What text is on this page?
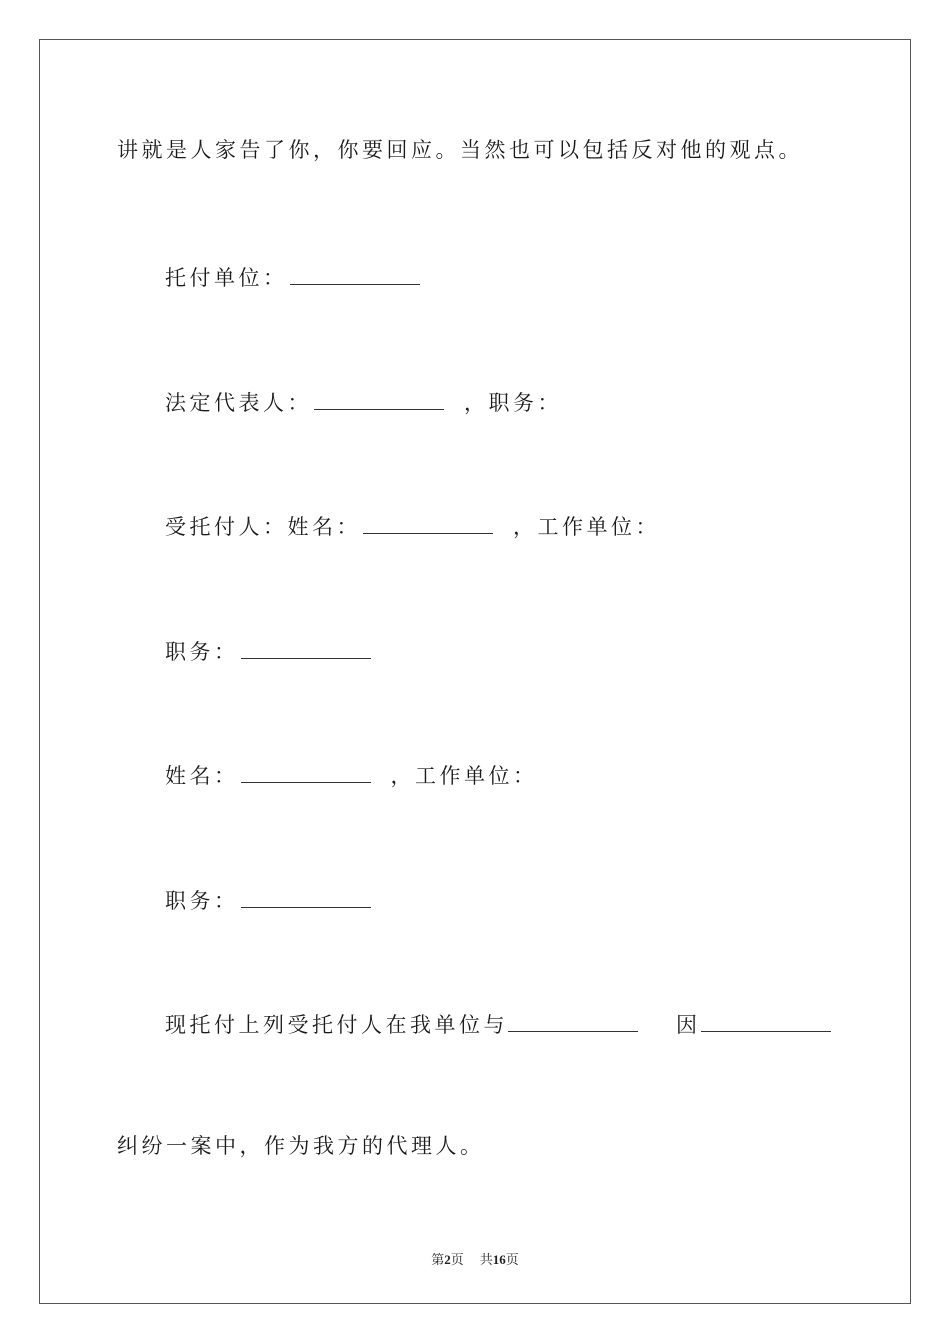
讲就是人家告了你，你要回应。当然也可以包括反对他的观点。
托付单位：
法定代表人：	，职务：
受托付人：姓名：	，工作单位：
职务：
姓名：	，工作单位：
职务：
现托付上列受托付人在我单位与	因
纠纷一案中，作为我方的代理人。
第2页 共16页
